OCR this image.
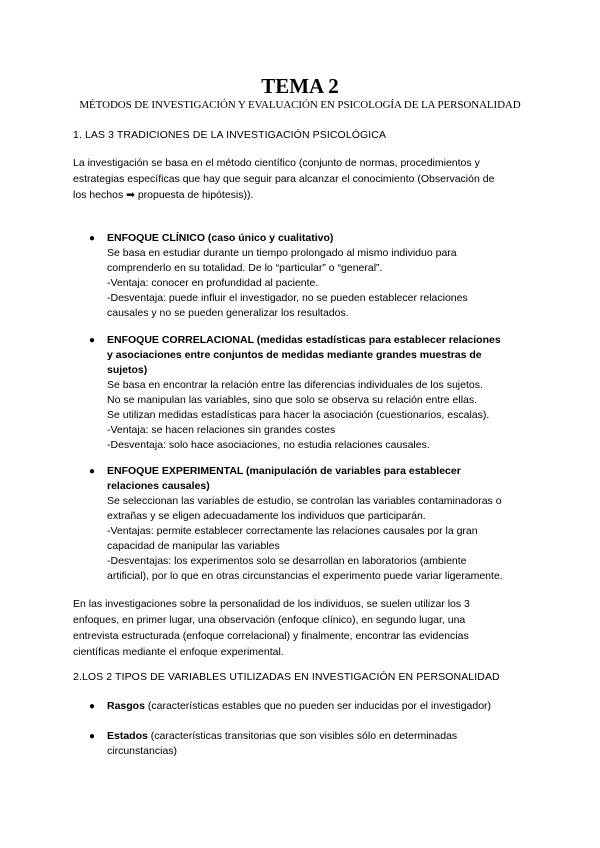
TEMA 2
MÉTODOS DE INVESTIGACIÓN Y EVALUACIÓN EN PSICOLOGÍA DE LA PERSONALIDAD
1. LAS 3 TRADICIONES DE LA INVESTIGACIÓN PSICOLÓGICA
La investigación se basa en el método científico (conjunto de normas, procedimientos y
estrategias específicas que hay que seguir para alcanzar el conocimiento (Observación de
los hechos ➡ propuesta de hipótesis)).
● ENFOQUE CLÍNICO (caso único y cualitativo)
Se basa en estudiar durante un tiempo prolongado al mismo individuo para
comprenderlo en su totalidad. De lo “particular” o “general”.
-Ventaja: conocer en profundidad al paciente.
-Desventaja: puede influir el investigador, no se pueden establecer relaciones
causales y no se pueden generalizar los resultados.
● ENFOQUE CORRELACIONAL (medidas estadísticas para establecer relaciones
y asociaciones entre conjuntos de medidas mediante grandes muestras de
sujetos)
Se basa en encontrar la relación entre las diferencias individuales de los sujetos.
No se manipulan las variables, sino que solo se observa su relación entre ellas.
Se utilizan medidas estadísticas para hacer la asociación (cuestionarios, escalas).
-Ventaja: se hacen relaciones sin grandes costes
-Desventaja: solo hace asociaciones, no estudia relaciones causales.
● ENFOQUE EXPERIMENTAL (manipulación de variables para establecer
relaciones causales)
Se seleccionan las variables de estudio, se controlan las variables contaminadoras o
extrañas y se eligen adecuadamente los individuos que participarán.
-Ventajas: permite establecer correctamente las relaciones causales por la gran
capacidad de manipular las variables
-Desventajas: los experimentos solo se desarrollan en laboratorios (ambiente
artificial), por lo que en otras circunstancias el experimento puede variar ligeramente.
En las investigaciones sobre la personalidad de los individuos, se suelen utilizar los 3
enfoques, en primer lugar, una observación (enfoque clínico), en segundo lugar, una
entrevista estructurada (enfoque correlacional) y finalmente, encontrar las evidencias
científicas mediante el enfoque experimental.
2.LOS 2 TIPOS DE VARIABLES UTILIZADAS EN INVESTIGACIÓN EN PERSONALIDAD
● Rasgos (características estables que no pueden ser inducidas por el investigador)
● Estados (características transitorias que son visibles sólo en determinadas
circunstancias)
